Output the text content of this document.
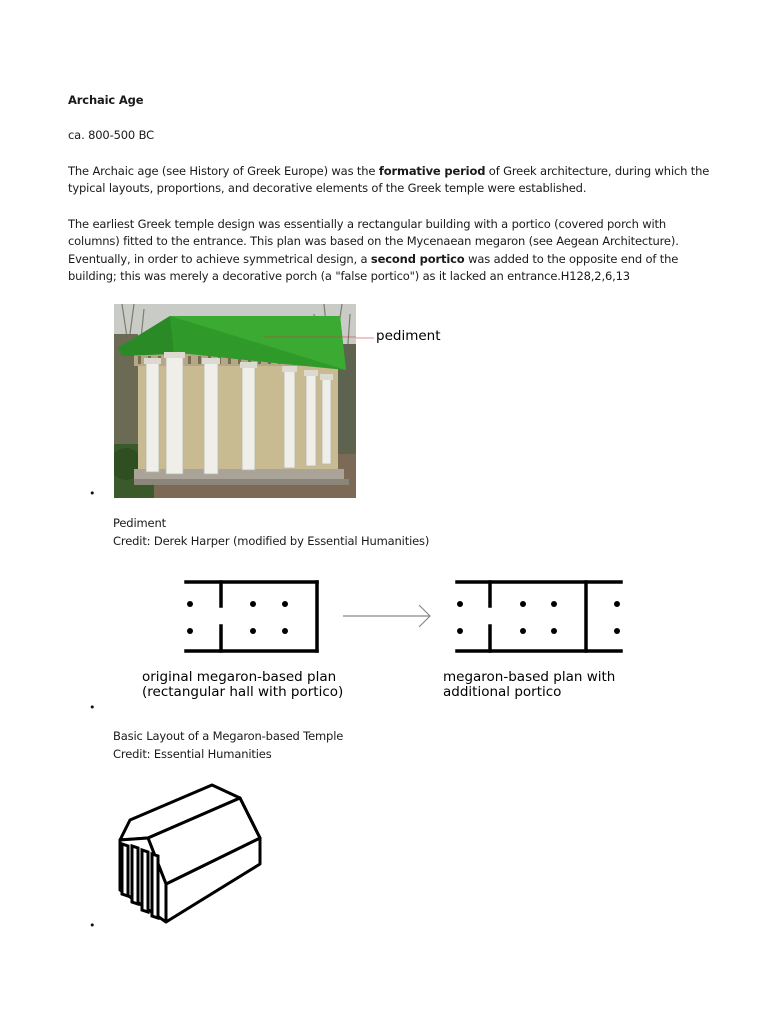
Archaic Age
ca. 800-500 BC
The Archaic age (see History of Greek Europe) was the formative period of Greek architecture, during which the
typical layouts, proportions, and decorative elements of the Greek temple were established.
The earliest Greek temple design was essentially a rectangular building with a portico (covered porch with
columns) fitted to the entrance. This plan was based on the Mycenaean megaron (see Aegean Architecture).
Eventually, in order to achieve symmetrical design, a second portico was added to the opposite end of the
building; this was merely a decorative porch (a "false portico") as it lacked an entrance.H128,2,6,13
pediment
•
Pediment
Credit: Derek Harper (modified by Essential Humanities)
original megaron-based plan
(rectangular hall with portico)
megaron-based plan with
additional portico
•
Basic Layout of a Megaron-based Temple
Credit: Essential Humanities
•
